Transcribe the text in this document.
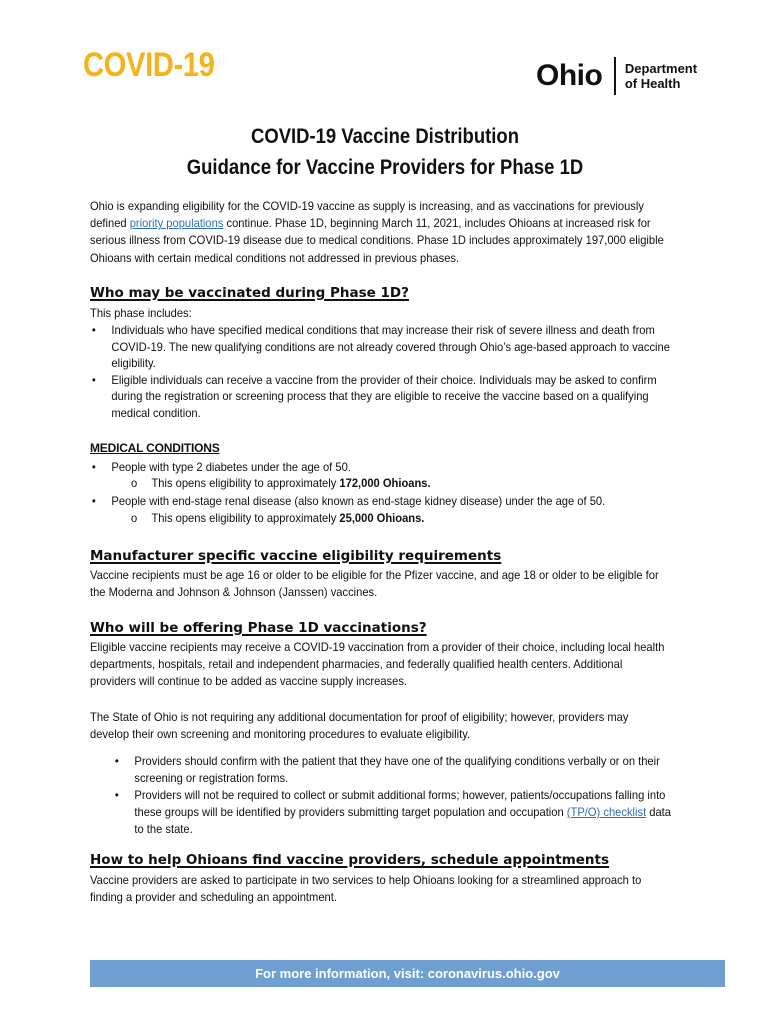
COVID-19	Ohio Department
of Health
COVID-19 Vaccine Distribution
Guidance for Vaccine Providers for Phase 1D
Ohio is expanding eligibility for the COVID-19 vaccine as supply is increasing, and as vaccinations for previously defined priority populations continue. Phase 1D, beginning March 11, 2021, includes Ohioans at increased risk for serious illness from COVID-19 disease due to medical conditions. Phase 1D includes approximately 197,000 eligible Ohioans with certain medical conditions not addressed in previous phases.
Who may be vaccinated during Phase 1D?
This phase includes:
• Individuals who have specified medical conditions that may increase their risk of severe illness and death from COVID-19. The new qualifying conditions are not already covered through Ohio’s age-based approach to vaccine eligibility.
• Eligible individuals can receive a vaccine from the provider of their choice. Individuals may be asked to confirm during the registration or screening process that they are eligible to receive the vaccine based on a qualifying medical condition.
MEDICAL CONDITIONS
• People with type 2 diabetes under the age of 50.
o This opens eligibility to approximately 172,000 Ohioans.
• People with end-stage renal disease (also known as end-stage kidney disease) under the age of 50.
o This opens eligibility to approximately 25,000 Ohioans.
Manufacturer specific vaccine eligibility requirements
Vaccine recipients must be age 16 or older to be eligible for the Pfizer vaccine, and age 18 or older to be eligible for the Moderna and Johnson & Johnson (Janssen) vaccines.
Who will be offering Phase 1D vaccinations?
Eligible vaccine recipients may receive a COVID-19 vaccination from a provider of their choice, including local health departments, hospitals, retail and independent pharmacies, and federally qualified health centers. Additional providers will continue to be added as vaccine supply increases.
The State of Ohio is not requiring any additional documentation for proof of eligibility; however, providers may develop their own screening and monitoring procedures to evaluate eligibility.
• Providers should confirm with the patient that they have one of the qualifying conditions verbally or on their screening or registration forms.
• Providers will not be required to collect or submit additional forms; however, patients/occupations falling into these groups will be identified by providers submitting target population and occupation (TP/O) checklist data to the state.
How to help Ohioans find vaccine providers, schedule appointments
Vaccine providers are asked to participate in two services to help Ohioans looking for a streamlined approach to finding a provider and scheduling an appointment.
For more information, visit: coronavirus.ohio.gov
